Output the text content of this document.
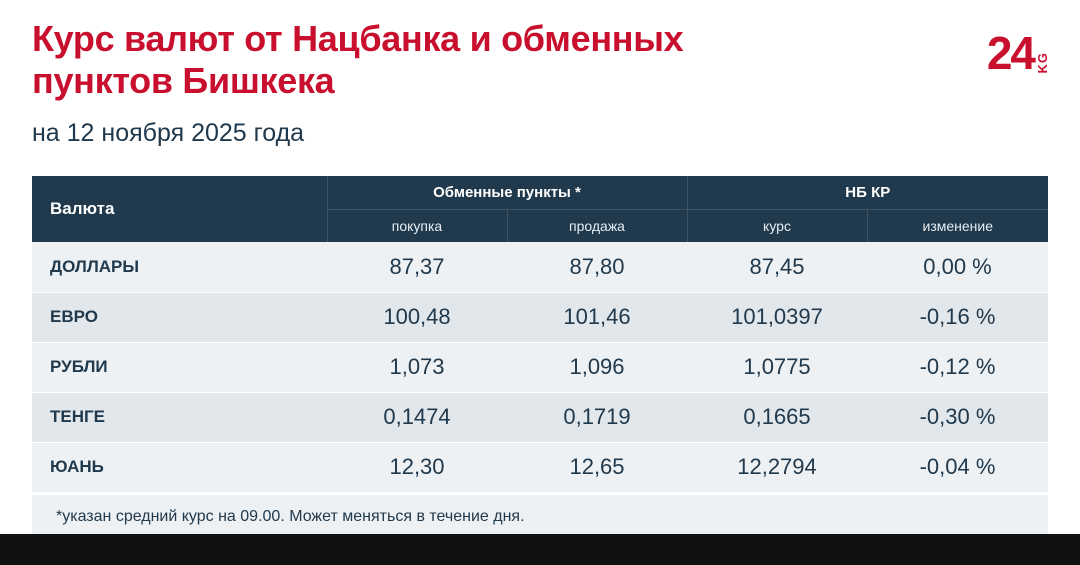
Курс валют от Нацбанка и обменных пунктов Бишкека
на 12 ноября 2025 года
24 KG
Валюта	Обменные пункты *		НБ КР	
	покупка	продажа	курс	изменение
ДОЛЛАРЫ	87,37	87,80	87,45	0,00 %
ЕВРО	100,48	101,46	101,0397	-0,16 %
РУБЛИ	1,073	1,096	1,0775	-0,12 %
ТЕНГЕ	0,1474	0,1719	0,1665	-0,30 %
ЮАНЬ	12,30	12,65	12,2794	-0,04 %
*указан средний курс на 09.00. Может меняться в течение дня.
